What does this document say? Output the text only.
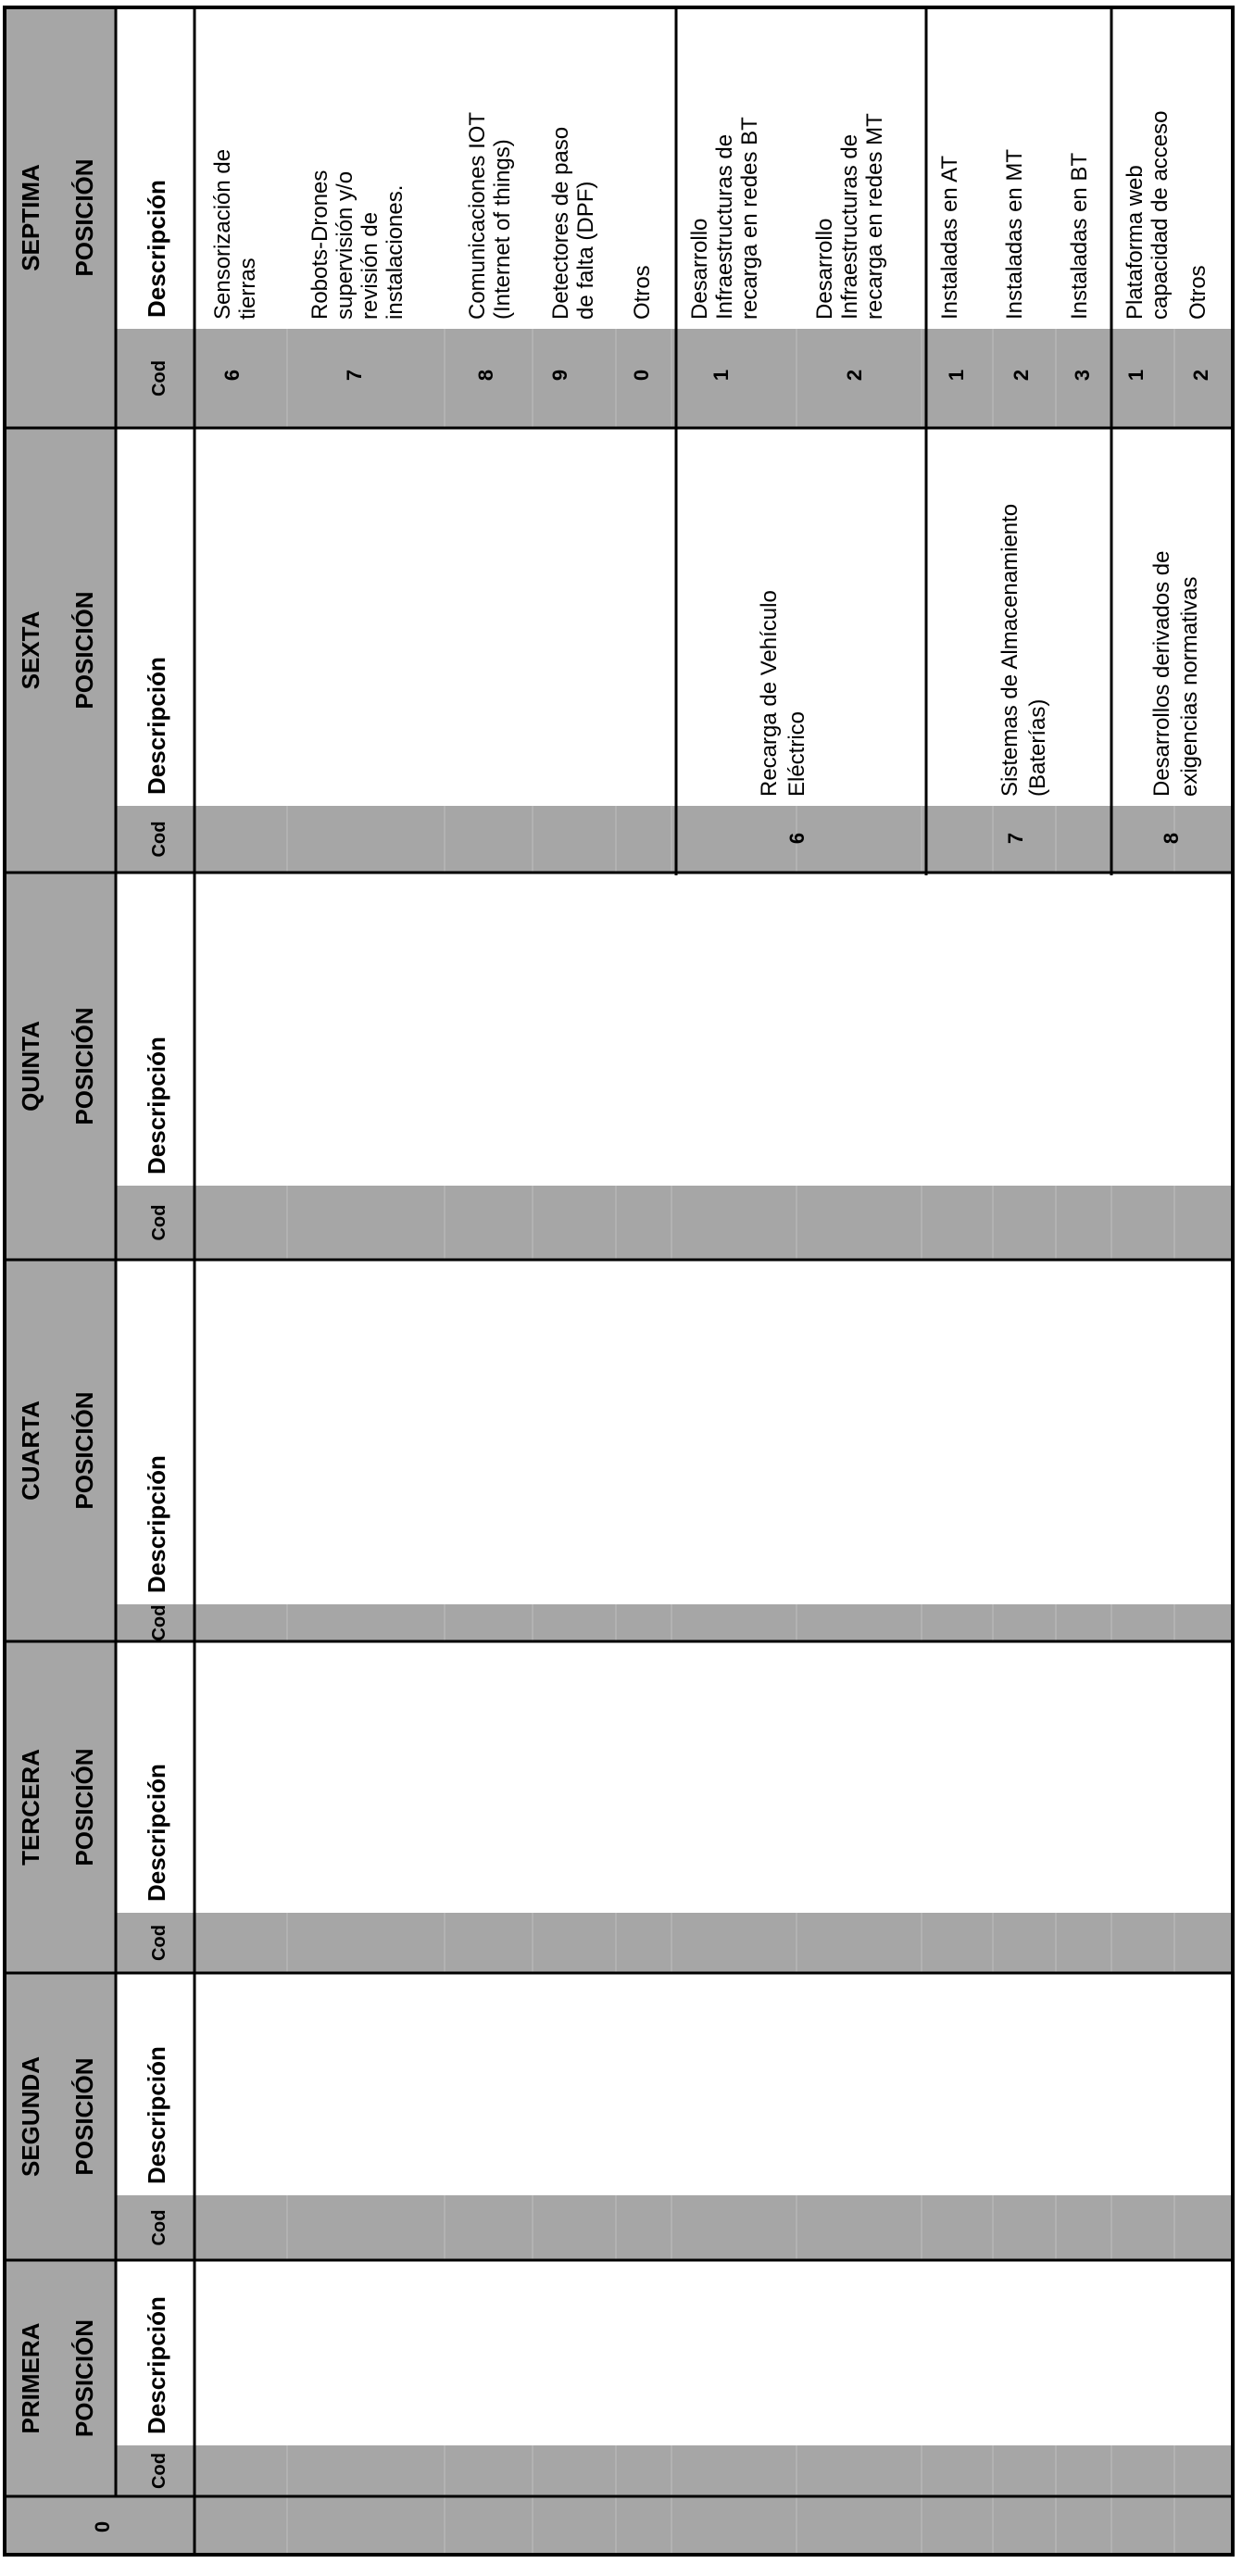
SEPTIMA POSICIÓN
Cod
Descripción
SEXTA POSICIÓN
Cod
Descripción
QUINTA POSICIÓN
Cod
Descripción
CUARTA POSICIÓN
Cod
Descripción
TERCERA POSICIÓN
Cod
Descripción
SEGUNDA POSICIÓN
Cod
Descripción
PRIMERA POSICIÓN
Cod
Descripción
0
6
Recarga de Vehículo Eléctrico
7
Sistemas de Almacenamiento (Baterías)
8
Desarrollos derivados de exigencias normativas
6
Sensorización de tierras
7
Robots-Drones supervisión y/o revisión de instalaciones.
8
Comunicaciones IOT (Internet of things)
9
Detectores de paso de falta (DPF)
0
Otros
1
Desarrollo Infraestructuras de recarga en redes BT
2
Desarrollo Infraestructuras de recarga en redes MT
1
Instaladas en AT
2
Instaladas en MT
3
Instaladas en BT
1
Plataforma web capacidad de acceso
2
Otros
